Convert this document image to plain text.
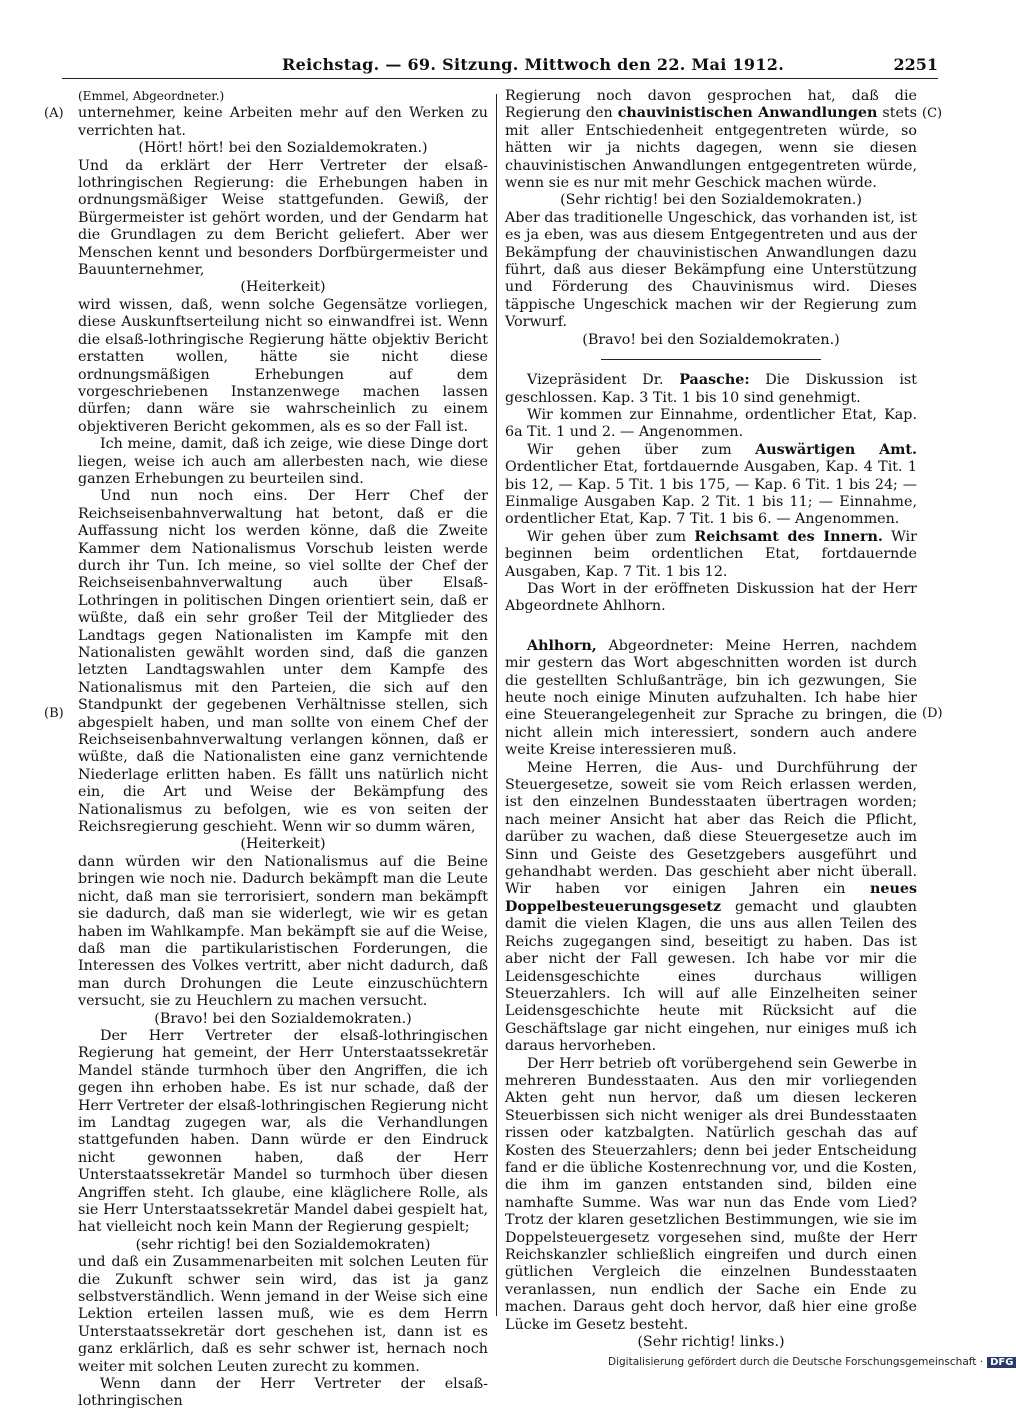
Reichstag. — 69. Sitzung. Mittwoch den 22. Mai 1912.	2251
(A)
(B)
(C)
(D)

(Emmel, Abgeordneter.)

unternehmer, keine Arbeiten mehr auf den Werken zu verrichten hat.

(Hört! hört! bei den Sozialdemokraten.)

Und da erklärt der Herr Vertreter der elsaß-lothringischen Regierung: die Erhebungen haben in ordnungsmäßiger Weise stattgefunden. Gewiß, der Bürgermeister ist gehört worden, und der Gendarm hat die Grundlagen zu dem Bericht geliefert. Aber wer Menschen kennt und besonders Dorfbürgermeister und Bauunternehmer,

(Heiterkeit)

wird wissen, daß, wenn solche Gegensätze vorliegen, diese Auskunftserteilung nicht so einwandfrei ist. Wenn die elsaß-lothringische Regierung hätte objektiv Bericht erstatten wollen, hätte sie nicht diese ordnungsmäßigen Erhebungen auf dem vorgeschriebenen Instanzenwege machen lassen dürfen; dann wäre sie wahrscheinlich zu einem objektiveren Bericht gekommen, als es so der Fall ist.

Ich meine, damit, daß ich zeige, wie diese Dinge dort liegen, weise ich auch am allerbesten nach, wie diese ganzen Erhebungen zu beurteilen sind.

Und nun noch eins. Der Herr Chef der Reichseisenbahnverwaltung hat betont, daß er die Auffassung nicht los werden könne, daß die Zweite Kammer dem Nationalismus Vorschub leisten werde durch ihr Tun. Ich meine, so viel sollte der Chef der Reichseisenbahnverwaltung auch über Elsaß-Lothringen in politischen Dingen orientiert sein, daß er wüßte, daß ein sehr großer Teil der Mitglieder des Landtags gegen Nationalisten im Kampfe mit den Nationalisten gewählt worden sind, daß die ganzen letzten Landtagswahlen unter dem Kampfe des Nationalismus mit den Parteien, die sich auf den Standpunkt der gegebenen Verhältnisse stellen, sich abgespielt haben, und man sollte von einem Chef der Reichseisenbahnverwaltung verlangen können, daß er wüßte, daß die Nationalisten eine ganz vernichtende Niederlage erlitten haben. Es fällt uns natürlich nicht ein, die Art und Weise der Bekämpfung des Nationalismus zu befolgen, wie es von seiten der Reichsregierung geschieht. Wenn wir so dumm wären,

(Heiterkeit)

dann würden wir den Nationalismus auf die Beine bringen wie noch nie. Dadurch bekämpft man die Leute nicht, daß man sie terrorisiert, sondern man bekämpft sie dadurch, daß man sie widerlegt, wie wir es getan haben im Wahlkampfe. Man bekämpft sie auf die Weise, daß man die partikularistischen Forderungen, die Interessen des Volkes vertritt, aber nicht dadurch, daß man durch Drohungen die Leute einzuschüchtern versucht, sie zu Heuchlern zu machen versucht.

(Bravo! bei den Sozialdemokraten.)

Der Herr Vertreter der elsaß-lothringischen Regierung hat gemeint, der Herr Unterstaatssekretär Mandel stände turmhoch über den Angriffen, die ich gegen ihn erhoben habe. Es ist nur schade, daß der Herr Vertreter der elsaß-lothringischen Regierung nicht im Landtag zugegen war, als die Verhandlungen stattgefunden haben. Dann würde er den Eindruck nicht gewonnen haben, daß der Herr Unterstaatssekretär Mandel so turmhoch über diesen Angriffen steht. Ich glaube, eine kläglichere Rolle, als sie Herr Unterstaatssekretär Mandel dabei gespielt hat, hat vielleicht noch kein Mann der Regierung gespielt;

(sehr richtig! bei den Sozialdemokraten)

und daß ein Zusammenarbeiten mit solchen Leuten für die Zukunft schwer sein wird, das ist ja ganz selbstverständlich. Wenn jemand in der Weise sich eine Lektion erteilen lassen muß, wie es dem Herrn Unterstaatssekretär dort geschehen ist, dann ist es ganz erklärlich, daß es sehr schwer ist, hernach noch weiter mit solchen Leuten zurecht zu kommen.

Wenn dann der Herr Vertreter der elsaß-lothringischen

Regierung noch davon gesprochen hat, daß die Regierung den chauvinistischen Anwandlungen stets mit aller Entschiedenheit entgegentreten würde, so hätten wir ja nichts dagegen, wenn sie diesen chauvinistischen Anwandlungen entgegentreten würde, wenn sie es nur mit mehr Geschick machen würde.

(Sehr richtig! bei den Sozialdemokraten.)

Aber das traditionelle Ungeschick, das vorhanden ist, ist es ja eben, was aus diesem Entgegentreten und aus der Bekämpfung der chauvinistischen Anwandlungen dazu führt, daß aus dieser Bekämpfung eine Unterstützung und Förderung des Chauvinismus wird. Dieses täppische Ungeschick machen wir der Regierung zum Vorwurf.

(Bravo! bei den Sozialdemokraten.)

Vizepräsident Dr. Paasche: Die Diskussion ist geschlossen. Kap. 3 Tit. 1 bis 10 sind genehmigt.

Wir kommen zur Einnahme, ordentlicher Etat, Kap. 6a Tit. 1 und 2. — Angenommen.

Wir gehen über zum Auswärtigen Amt. Ordentlicher Etat, fortdauernde Ausgaben, Kap. 4 Tit. 1 bis 12, — Kap. 5 Tit. 1 bis 175, — Kap. 6 Tit. 1 bis 24; — Einmalige Ausgaben Kap. 2 Tit. 1 bis 11; — Einnahme, ordentlicher Etat, Kap. 7 Tit. 1 bis 6. — Angenommen.

Wir gehen über zum Reichsamt des Innern. Wir beginnen beim ordentlichen Etat, fortdauernde Ausgaben, Kap. 7 Tit. 1 bis 12.

Das Wort in der eröffneten Diskussion hat der Herr Abgeordnete Ahlhorn.

Ahlhorn, Abgeordneter: Meine Herren, nachdem mir gestern das Wort abgeschnitten worden ist durch die gestellten Schlußanträge, bin ich gezwungen, Sie heute noch einige Minuten aufzuhalten. Ich habe hier eine Steuerangelegenheit zur Sprache zu bringen, die nicht allein mich interessiert, sondern auch andere weite Kreise interessieren muß.

Meine Herren, die Aus- und Durchführung der Steuergesetze, soweit sie vom Reich erlassen werden, ist den einzelnen Bundesstaaten übertragen worden; nach meiner Ansicht hat aber das Reich die Pflicht, darüber zu wachen, daß diese Steuergesetze auch im Sinn und Geiste des Gesetzgebers ausgeführt und gehandhabt werden. Das geschieht aber nicht überall. Wir haben vor einigen Jahren ein neues Doppelbesteuerungsgesetz gemacht und glaubten damit die vielen Klagen, die uns aus allen Teilen des Reichs zugegangen sind, beseitigt zu haben. Das ist aber nicht der Fall gewesen. Ich habe vor mir die Leidensgeschichte eines durchaus willigen Steuerzahlers. Ich will auf alle Einzelheiten seiner Leidensgeschichte heute mit Rücksicht auf die Geschäftslage gar nicht eingehen, nur einiges muß ich daraus hervorheben.

Der Herr betrieb oft vorübergehend sein Gewerbe in mehreren Bundesstaaten. Aus den mir vorliegenden Akten geht nun hervor, daß um diesen leckeren Steuerbissen sich nicht weniger als drei Bundesstaaten rissen oder katzbalgten. Natürlich geschah das auf Kosten des Steuerzahlers; denn bei jeder Entscheidung fand er die übliche Kostenrechnung vor, und die Kosten, die ihm im ganzen entstanden sind, bilden eine namhafte Summe. Was war nun das Ende vom Lied? Trotz der klaren gesetzlichen Bestimmungen, wie sie im Doppelsteuergesetz vorgesehen sind, mußte der Herr Reichskanzler schließlich eingreifen und durch einen gütlichen Vergleich die einzelnen Bundesstaaten veranlassen, nun endlich der Sache ein Ende zu machen. Daraus geht doch hervor, daß hier eine große Lücke im Gesetz besteht.

(Sehr richtig! links.)

Digitalisierung gefördert durch die Deutsche Forschungsgemeinschaft · DFG
